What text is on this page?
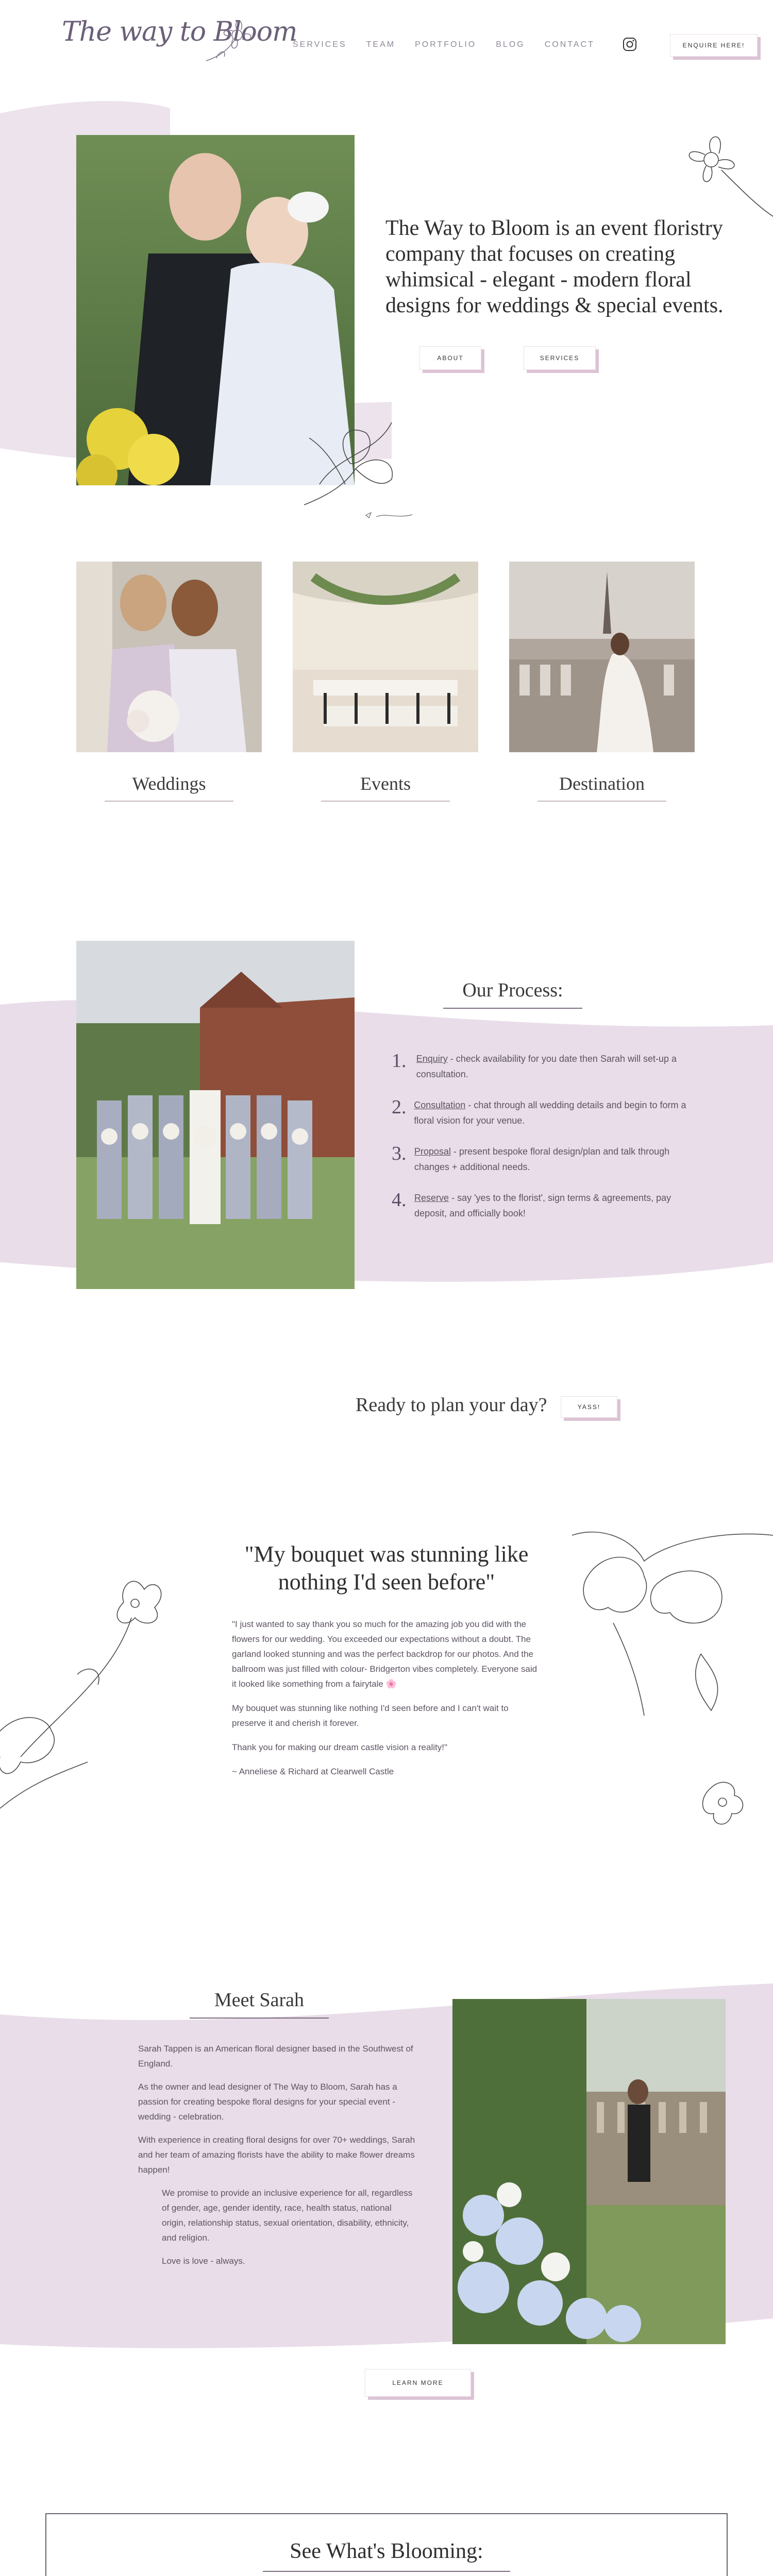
The way to Bloom
SERVICES TEAM PORTFOLIO BLOG CONTACT	ENQUIRE HERE!
The Way to Bloom is an event floristry company that focuses on creating whimsical - elegant - modern floral designs for weddings & special events.
ABOUT	SERVICES
Weddings	Events	Destination
Our Process:
1. Enquiry - check availability for you date then Sarah will set-up a consultation.
2. Consultation - chat through all wedding details and begin to form a floral vision for your venue.
3. Proposal - present bespoke floral design/plan and talk through changes + additional needs.
4. Reserve - say 'yes to the florist', sign terms & agreements, pay deposit, and officially book!
Ready to plan your day?	YASS!
"My bouquet was stunning like nothing I'd seen before"

"I just wanted to say thank you so much for the amazing job you did with the flowers for our wedding. You exceeded our expectations without a doubt. The garland looked stunning and was the perfect backdrop for our photos. And the ballroom was just filled with colour- Bridgerton vibes completely. Everyone said it looked like something from a fairytale 🌸

My bouquet was stunning like nothing I'd seen before and I can't wait to preserve it and cherish it forever.

Thank you for making our dream castle vision a reality!"

~ Anneliese & Richard at Clearwell Castle

Meet Sarah

Sarah Tappen is an American floral designer based in the Southwest of England.

As the owner and lead designer of The Way to Bloom, Sarah has a passion for creating bespoke floral designs for your special event - wedding - celebration.

With experience in creating floral designs for over 70+ weddings, Sarah and her team of amazing florists have the ability to make flower dreams happen!

We promise to provide an inclusive experience for all, regardless of gender, age, gender identity, race, health status, national origin, relationship status, sexual orientation, disability, ethnicity, and religion.

Love is love - always.

LEARN MORE
See What's Blooming:
